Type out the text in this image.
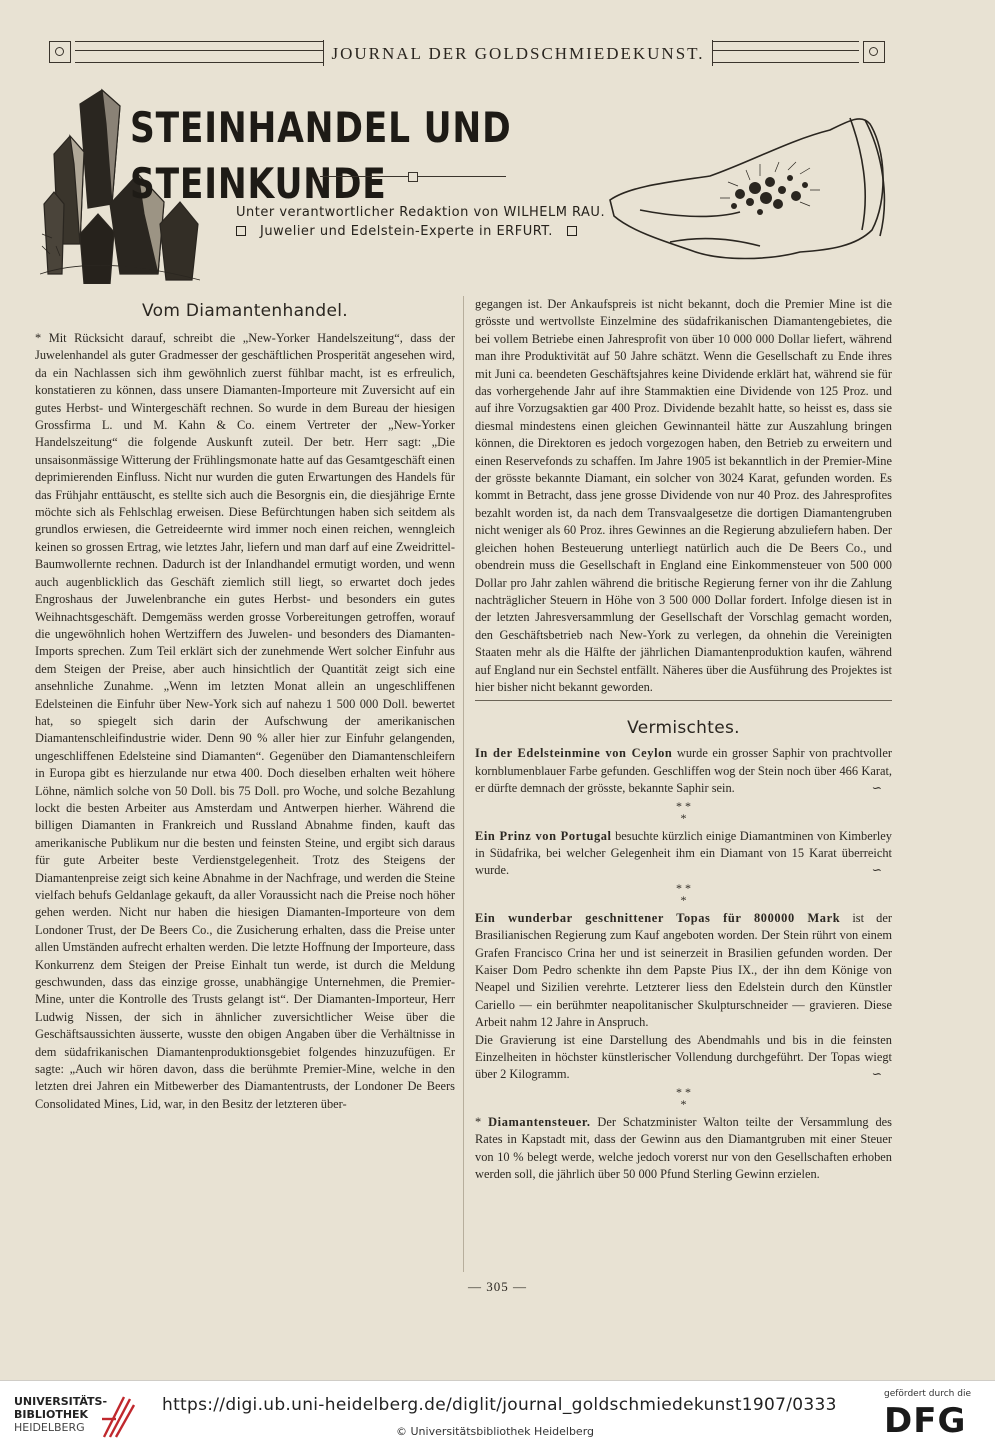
JOURNAL DER GOLDSCHMIEDEKUNST.
STEINHANDEL UND STEINKUNDE
Unter verantwortlicher Redaktion von WILHELM RAU.
Juwelier und Edelstein-Experte in ERFURT.
Vom Diamantenhandel.

* Mit Rücksicht darauf, schreibt die „New-Yorker Handelszeitung“, dass der Juwelenhandel als guter Gradmesser der geschäftlichen Prosperität angesehen wird, da ein Nachlassen sich ihm gewöhnlich zuerst fühlbar macht, ist es erfreulich, konstatieren zu können, dass unsere Diamanten-Importeure mit Zuversicht auf ein gutes Herbst- und Wintergeschäft rechnen. So wurde in dem Bureau der hiesigen Grossfirma L. und M. Kahn & Co. einem Vertreter der „New-Yorker Handelszeitung“ die folgende Auskunft zuteil. Der betr. Herr sagt: „Die unsaisonmässige Witterung der Frühlingsmonate hatte auf das Gesamtgeschäft einen deprimierenden Einfluss. Nicht nur wurden die guten Erwartungen des Handels für das Frühjahr enttäuscht, es stellte sich auch die Besorgnis ein, die diesjährige Ernte möchte sich als Fehlschlag erweisen. Diese Befürchtungen haben sich seitdem als grundlos erwiesen, die Getreideernte wird immer noch einen reichen, wenngleich keinen so grossen Ertrag, wie letztes Jahr, liefern und man darf auf eine Zweidrittel-Baumwollernte rechnen. Dadurch ist der Inlandhandel ermutigt worden, und wenn auch augenblicklich das Geschäft ziemlich still liegt, so erwartet doch jedes Engroshaus der Juwelenbranche ein gutes Herbst- und besonders ein gutes Weihnachtsgeschäft. Demgemäss werden grosse Vorbereitungen getroffen, worauf die ungewöhnlich hohen Wertziffern des Juwelen- und besonders des Diamanten-Imports sprechen. Zum Teil erklärt sich der zunehmende Wert solcher Einfuhr aus dem Steigen der Preise, aber auch hinsichtlich der Quantität zeigt sich eine ansehnliche Zunahme. „Wenn im letzten Monat allein an ungeschliffenen Edelsteinen die Einfuhr über New-York sich auf nahezu 1 500 000 Doll. bewertet hat, so spiegelt sich darin der Aufschwung der amerikanischen Diamantenschleifindustrie wider. Denn 90 % aller hier zur Einfuhr gelangenden, ungeschliffenen Edelsteine sind Diamanten“. Gegenüber den Diamantenschleifern in Europa gibt es hierzulande nur etwa 400. Doch dieselben erhalten weit höhere Löhne, nämlich solche von 50 Doll. bis 75 Doll. pro Woche, und solche Bezahlung lockt die besten Arbeiter aus Amsterdam und Antwerpen hierher. Während die billigen Diamanten in Frankreich und Russland Abnahme finden, kauft das amerikanische Publikum nur die besten und feinsten Steine, und ergibt sich daraus für gute Arbeiter beste Verdienstgelegenheit. Trotz des Steigens der Diamantenpreise zeigt sich keine Abnahme in der Nachfrage, und werden die Steine vielfach behufs Geldanlage gekauft, da aller Voraussicht nach die Preise noch höher gehen werden. Nicht nur haben die hiesigen Diamanten-Importeure von dem Londoner Trust, der De Beers Co., die Zusicherung erhalten, dass die Preise unter allen Umständen aufrecht erhalten werden. Die letzte Hoffnung der Importeure, dass Konkurrenz dem Steigen der Preise Einhalt tun werde, ist durch die Meldung geschwunden, dass das einzige grosse, unabhängige Unternehmen, die Premier-Mine, unter die Kontrolle des Trusts gelangt ist“. Der Diamanten-Importeur, Herr Ludwig Nissen, der sich in ähnlicher zuversichtlicher Weise über die Geschäftsaussichten äusserte, wusste den obigen Angaben über die Verhältnisse in dem südafrikanischen Diamantenproduktionsgebiet folgendes hinzuzufügen. Er sagte: „Auch wir hören davon, dass die berühmte Premier-Mine, welche in den letzten drei Jahren ein Mitbewerber des Diamantentrusts, der Londoner De Beers Consolidated Mines, Lid, war, in den Besitz der letzteren über-

gegangen ist. Der Ankaufspreis ist nicht bekannt, doch die Premier Mine ist die grösste und wertvollste Einzelmine des südafrikanischen Diamantengebietes, die bei vollem Betriebe einen Jahresprofit von über 10 000 000 Dollar liefert, während man ihre Produktivität auf 50 Jahre schätzt. Wenn die Gesellschaft zu Ende ihres mit Juni ca. beendeten Geschäftsjahres keine Dividende erklärt hat, während sie für das vorhergehende Jahr auf ihre Stammaktien eine Dividende von 125 Proz. und auf ihre Vorzugsaktien gar 400 Proz. Dividende bezahlt hatte, so heisst es, dass sie diesmal mindestens einen gleichen Gewinnanteil hätte zur Auszahlung bringen können, die Direktoren es jedoch vorgezogen haben, den Betrieb zu erweitern und einen Reservefonds zu schaffen. Im Jahre 1905 ist bekanntlich in der Premier-Mine der grösste bekannte Diamant, ein solcher von 3024 Karat, gefunden worden. Es kommt in Betracht, dass jene grosse Dividende von nur 40 Proz. des Jahresprofites bezahlt worden ist, da nach dem Transvaalgesetze die dortigen Diamantengruben nicht weniger als 60 Proz. ihres Gewinnes an die Regierung abzuliefern haben. Der gleichen hohen Besteuerung unterliegt natürlich auch die De Beers Co., und obendrein muss die Gesellschaft in England eine Einkommensteuer von 500 000 Dollar pro Jahr zahlen während die britische Regierung ferner von ihr die Zahlung nachträglicher Steuern in Höhe von 3 500 000 Dollar fordert. Infolge diesen ist in der letzten Jahresversammlung der Gesellschaft der Vorschlag gemacht worden, den Geschäftsbetrieb nach New-York zu verlegen, da ohnehin die Vereinigten Staaten mehr als die Hälfte der jährlichen Diamantenproduktion kaufen, während auf England nur ein Sechstel entfällt. Näheres über die Ausführung des Projektes ist hier bisher nicht bekannt geworden.

Vermischtes.

In der Edelsteinmine von Ceylon wurde ein grosser Saphir von prachtvoller kornblumenblauer Farbe gefunden. Geschliffen wog der Stein noch über 466 Karat, er dürfte demnach der grösste, bekannte Saphir sein.	∽

* *
*

Ein Prinz von Portugal besuchte kürzlich einige Diamantminen von Kimberley in Südafrika, bei welcher Gelegenheit ihm ein Diamant von 15 Karat überreicht wurde.	∽

* *
*

Ein wunderbar geschnittener Topas für 800000 Mark ist der Brasilianischen Regierung zum Kauf angeboten worden. Der Stein rührt von einem Grafen Francisco Crina her und ist seinerzeit in Brasilien gefunden worden. Der Kaiser Dom Pedro schenkte ihn dem Papste Pius IX., der ihn dem Könige von Neapel und Sizilien verehrte. Letzterer liess den Edelstein durch den Künstler Cariello — ein berühmter neapolitanischer Skulpturschneider — gravieren. Diese Arbeit nahm 12 Jahre in Anspruch.

Die Gravierung ist eine Darstellung des Abendmahls und bis in die feinsten Einzelheiten in höchster künstlerischer Vollendung durchgeführt. Der Topas wiegt über 2 Kilogramm.	∽

* *
*

* Diamantensteuer. Der Schatzminister Walton teilte der Versammlung des Rates in Kapstadt mit, dass der Gewinn aus den Diamantgruben mit einer Steuer von 10 % belegt werde, welche jedoch vorerst nur von den Gesellschaften erhoben werden soll, die jährlich über 50 000 Pfund Sterling Gewinn erzielen.

— 305 —
UNIVERSITÄTS-
BIBLIOTHEK
HEIDELBERG
https://digi.ub.uni-heidelberg.de/diglit/journal_goldschmiedekunst1907/0333
© Universitätsbibliothek Heidelberg
gefördert durch die
DFG
